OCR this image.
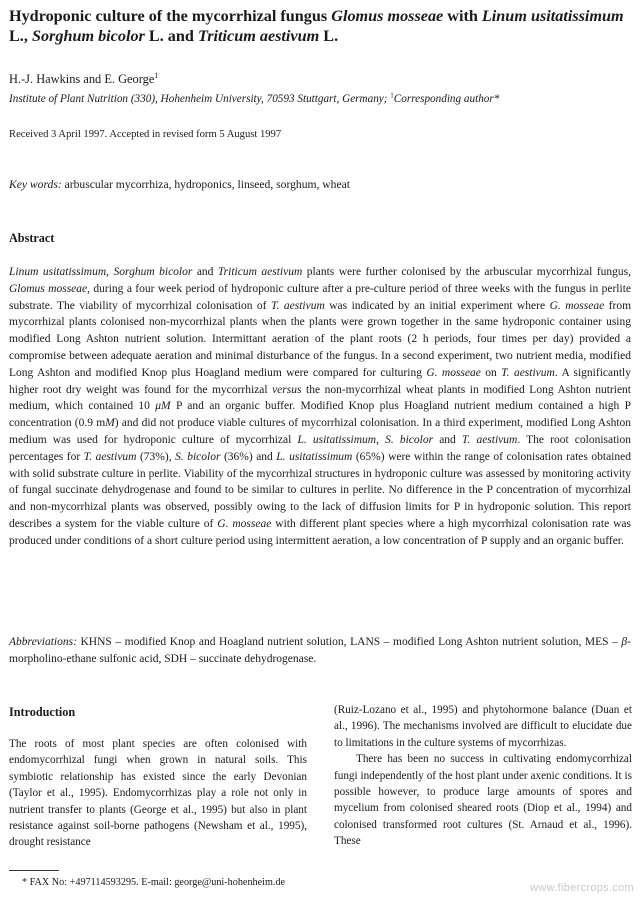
Hydroponic culture of the mycorrhizal fungus Glomus mosseae with Linum usitatissimum L., Sorghum bicolor L. and Triticum aestivum L.
H.-J. Hawkins and E. George$^1$
Institute of Plant Nutrition (330), Hohenheim University, 70593 Stuttgart, Germany; $^1$Corresponding author*
Received 3 April 1997. Accepted in revised form 5 August 1997
Key words: arbuscular mycorrhiza, hydroponics, linseed, sorghum, wheat
Abstract

Linum usitatissimum, Sorghum bicolor and Triticum aestivum plants were further colonised by the arbuscular mycorrhizal fungus, Glomus mosseae, during a four week period of hydroponic culture after a pre-culture period of three weeks with the fungus in perlite substrate. The viability of mycorrhizal colonisation of T. aestivum was indicated by an initial experiment where G. mosseae from mycorrhizal plants colonised non-mycorrhizal plants when the plants were grown together in the same hydroponic container using modified Long Ashton nutrient solution. Intermittant aeration of the plant roots (2 h periods, four times per day) provided a compromise between adequate aeration and minimal disturbance of the fungus. In a second experiment, two nutrient media, modified Long Ashton and modified Knop plus Hoagland medium were compared for culturing G. mosseae on T. aestivum. A significantly higher root dry weight was found for the mycorrhizal versus the non-mycorrhizal wheat plants in modified Long Ashton nutrient medium, which contained 10 μM P and an organic buffer. Modified Knop plus Hoagland nutrient medium contained a high P concentration (0.9 mM) and did not produce viable cultures of mycorrhizal colonisation. In a third experiment, modified Long Ashton medium was used for hydroponic culture of mycorrhizal L. usitatissimum, S. bicolor and T. aestivum. The root colonisation percentages for T. aestivum (73%), S. bicolor (36%) and L. usitatissimum (65%) were within the range of colonisation rates obtained with solid substrate culture in perlite. Viability of the mycorrhizal structures in hydroponic culture was assessed by monitoring activity of fungal succinate dehydrogenase and found to be similar to cultures in perlite. No difference in the P concentration of mycorrhizal and non-mycorrhizal plants was observed, possibly owing to the lack of diffusion limits for P in hydroponic solution. This report describes a system for the viable culture of G. mosseae with different plant species where a high mycorrhizal colonisation rate was produced under conditions of a short culture period using intermittent aeration, a low concentration of P supply and an organic buffer.

Abbreviations: KHNS – modified Knop and Hoagland nutrient solution, LANS – modified Long Ashton nutrient solution, MES – β-morpholino-ethane sulfonic acid, SDH – succinate dehydrogenase.

Introduction

The roots of most plant species are often colonised with endomycorrhizal fungi when grown in natural soils. This symbiotic relationship has existed since the early Devonian (Taylor et al., 1995). Endomycorrhizas play a role not only in nutrient transfer to plants (George et al., 1995) but also in plant resistance against soil-borne pathogens (Newsham et al., 1995), drought resistance

(Ruiz-Lozano et al., 1995) and phytohormone balance (Duan et al., 1996). The mechanisms involved are difficult to elucidate due to limitations in the culture systems of mycorrhizas.

There has been no success in cultivating endomycorrhizal fungi independently of the host plant under axenic conditions. It is possible however, to produce large amounts of spores and mycelium from colonised sheared roots (Diop et al., 1994) and colonised transformed root cultures (St. Arnaud et al., 1996). These

* FAX No: +497114593295. E-mail: george@uni-hohenheim.de	www.fibercrops.com
